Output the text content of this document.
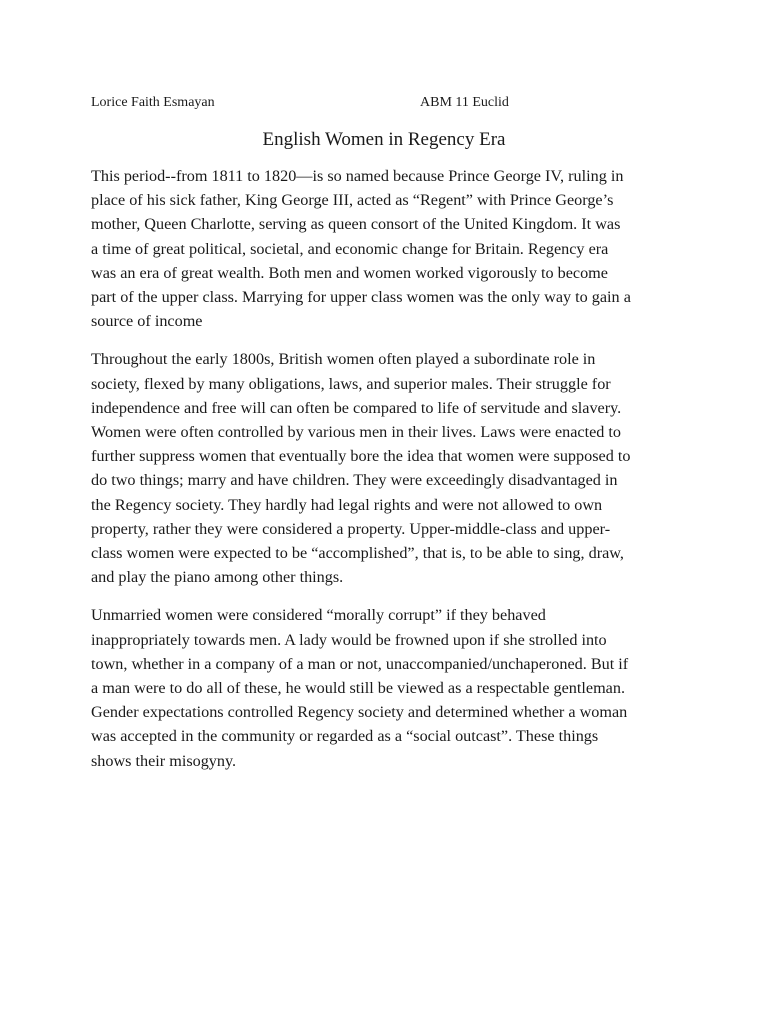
Lorice Faith Esmayan	ABM 11 Euclid
English Women in Regency Era

This period--from 1811 to 1820—is so named because Prince George IV, ruling in
place of his sick father, King George III, acted as “Regent” with Prince George’s
mother, Queen Charlotte, serving as queen consort of the United Kingdom. It was
a time of great political, societal, and economic change for Britain. Regency era
was an era of great wealth. Both men and women worked vigorously to become
part of the upper class. Marrying for upper class women was the only way to gain a
source of income

Throughout the early 1800s, British women often played a subordinate role in
society, flexed by many obligations, laws, and superior males. Their struggle for
independence and free will can often be compared to life of servitude and slavery.
Women were often controlled by various men in their lives. Laws were enacted to
further suppress women that eventually bore the idea that women were supposed to
do two things; marry and have children. They were exceedingly disadvantaged in
the Regency society. They hardly had legal rights and were not allowed to own
property, rather they were considered a property. Upper-middle-class and upper-
class women were expected to be “accomplished”, that is, to be able to sing, draw,
and play the piano among other things.

Unmarried women were considered “morally corrupt” if they behaved
inappropriately towards men. A lady would be frowned upon if she strolled into
town, whether in a company of a man or not, unaccompanied/unchaperoned. But if
a man were to do all of these, he would still be viewed as a respectable gentleman.
Gender expectations controlled Regency society and determined whether a woman
was accepted in the community or regarded as a “social outcast”. These things
shows their misogyny.
